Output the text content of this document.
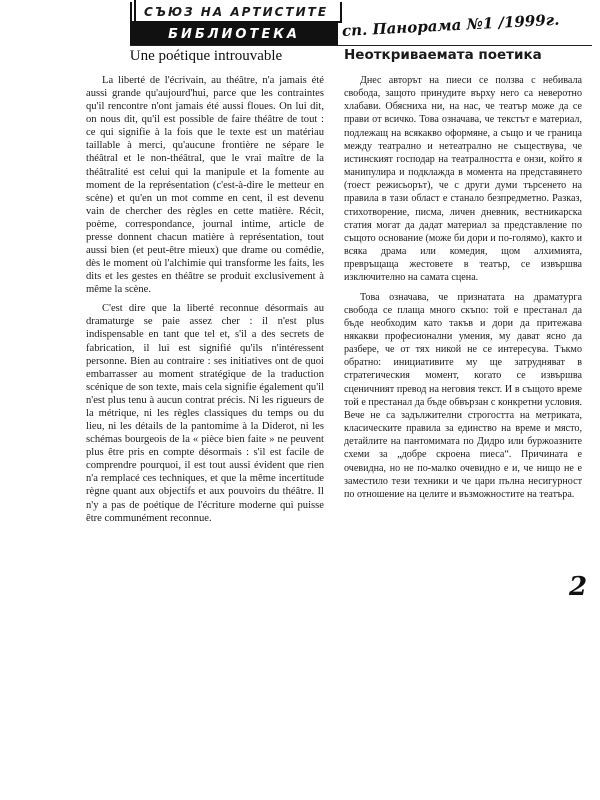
СЪЮЗ НА АРТИСТИТЕ
БИБЛИОТЕКА	сп. Панорама №1 /1999г.
Une poétique introuvable	Неоткриваемата поетика

La liberté de l'écrivain, au théâtre, n'a jamais été aussi grande qu'aujourd'hui, parce que les contraintes qu'il rencontre n'ont jamais été aussi floues. On lui dit, on nous dit, qu'il est possible de faire théâtre de tout : ce qui signifie à la fois que le texte est un matériau taillable à merci, qu'aucune frontière ne sépare le théâtral et le non-théâtral, que le vrai maître de la théâtralité est celui qui la manipule et la fomente au moment de la représentation (c'est-à-dire le metteur en scène) et qu'en un mot comme en cent, il est devenu vain de chercher des règles en cette matière. Récit, poème, correspondance, journal intime, article de presse donnent chacun matière à représentation, tout aussi bien (et peut-être mieux) que drame ou comédie, dès le moment où l'alchimie qui transforme les faits, les dits et les gestes en théâtre se produit exclusivement à même la scène.

C'est dire que la liberté reconnue désormais au dramaturge se paie assez cher : il n'est plus indispensable en tant que tel et, s'il a des secrets de fabrication, il lui est signifié qu'ils n'intéressent personne. Bien au contraire : ses initiatives ont de quoi embarrasser au moment stratégique de la traduction scénique de son texte, mais cela signifie également qu'il n'est plus tenu à aucun contrat précis. Ni les rigueurs de la métrique, ni les règles classiques du temps ou du lieu, ni les détails de la pantomime à la Diderot, ni les schémas bourgeois de la « pièce bien faite » ne peuvent plus être pris en compte désormais : s'il est facile de comprendre pourquoi, il est tout aussi évident que rien n'a remplacé ces techniques, et que la même incertitude règne quant aux objectifs et aux pouvoirs du théâtre. Il n'y a pas de poétique de l'écriture moderne qui puisse être communément reconnue.

Днес авторът на пиеси се ползва с небивала свобода, защото принудите върху него са неверотно хлабави. Обясниха ни, на нас, че театър може да се прави от всичко. Това означава, че текстът е материал, подлежащ на всякакво оформяне, а също и че граница между театрално и нетеатрално не съществува, че истинският господар на театралността е онзи, който я манипулира и подклажда в момента на представянето (тоест режисьорът), че с други думи търсенето на правила в тази област е станало безпредметно. Разказ, стихотворение, писма, личен дневник, вестникарска статия могат да дадат материал за представление по същото основание (може би дори и по-голямо), както и всяка драма или комедия, щом алхимията, превръщаща жестовете в театър, се извършва изключително на самата сцена.

Това означава, че признатата на драматурга свобода се плаща много скъпо: той е престанал да бъде необходим като такъв и дори да притежава някакви професионални умения, му дават ясно да разбере, че от тях никой не се интересува. Тъкмо обратно: инициативите му ще затрудняват в стратегическия момент, когато се извършва сценичният превод на неговия текст. И в същото време той е престанал да бъде обвързан с конкретни условия. Вече не са задължителни строгостта на метриката, класическите правила за единство на време и място, детайлите на пантомимата по Дидро или буржоазните схеми за „добре скроена пиеса“. Причината е очевидна, но не по-малко очевидно е и, че нищо не е заместило тези техники и че цари пълна несигурност по отношение на целите и възможностите на театъра.

2
